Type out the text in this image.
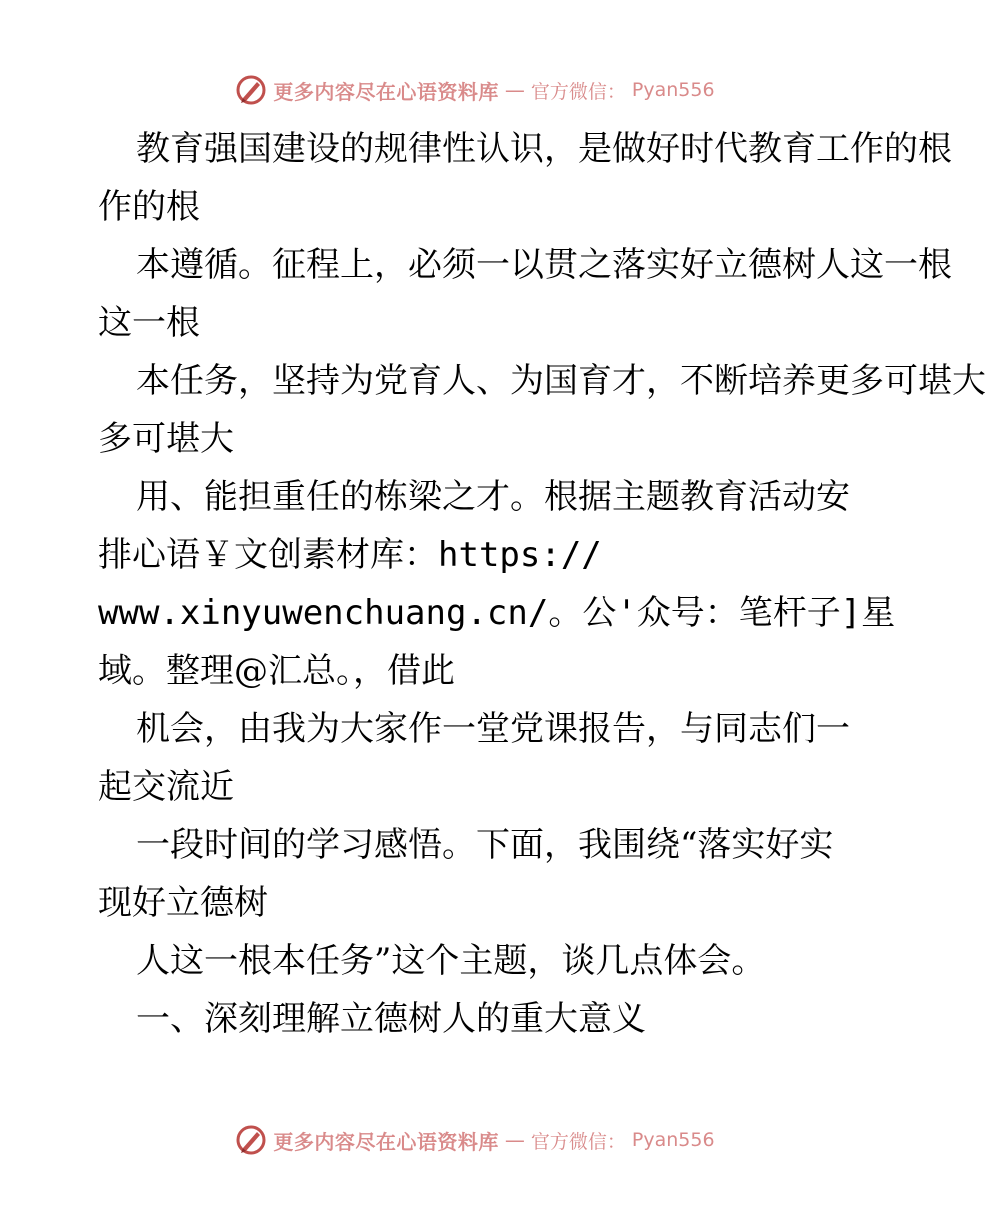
更多内容尽在心语资料库 — 官方微信： Pyan556
教育强国建设的规律性认识，是做好时代教育工作的根
作的根
本遵循。征程上，必须一以贯之落实好立德树人这一根
这一根
本任务，坚持为党育人、为国育才，不断培养更多可堪大
多可堪大
用、能担重任的栋梁之才。根据主题教育活动安
排心语￥文创素材库：https://
www.xinyuwenchuang.cn/。公'众号：笔杆子]星
域。整理@汇总。，借此
机会，由我为大家作一堂党课报告，与同志们一
起交流近
一段时间的学习感悟。下面，我围绕“落实好实
现好立德树
人这一根本任务”这个主题，谈几点体会。
一、深刻理解立德树人的重大意义
更多内容尽在心语资料库 — 官方微信： Pyan556
